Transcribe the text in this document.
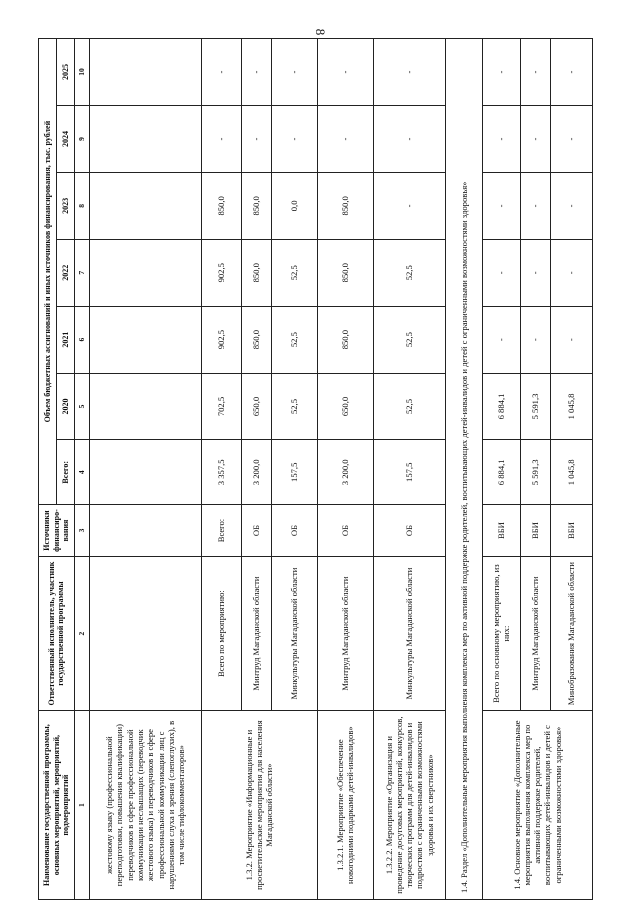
8
Наименование государственной программы, основных мероприятий, мероприятий, подмероприятий	Ответственный исполнитель, участник государственной программы	Источники финансиро-вания	Объем бюджетных ассигнований и иных источников финансирования, тыс. рублей						
			Всего:	2020	2021	2022	2023	2024	2025
1	2	3	4	5	6	7	8	9	10
жестовому языку (профессиональной переподготовки, повышения квалификации) переводчиков в сфере профессиональной коммуникации неслышащих (переводчик жестового языка) и переводчиков в сфере профессиональной коммуникации лиц с нарушениями слуха и зрения (слепоглухих), в том числе тифлокомментаторов»									
1.3.2. Мероприятие «Информационные и просветительские мероприятия для населения Магаданской области»	Всего по мероприятию:	Всего:	3 357,5	702,5	902,5	902,5	850,0	-	-
	Минтруд Магаданской области	ОБ	3 200,0	650,0	850,0	850,0	850,0	-	-
	Минкультуры Магаданской области	ОБ	157,5	52,5	52,5	52,5	0,0	-	-
1.3.2.1. Мероприятие «Обеспечение новогодними подарками детей-инвалидов»	Минтруд Магаданской области	ОБ	3 200,0	650,0	850,0	850,0	850,0	-	-
1.3.2.2. Мероприятие «Организация и проведение досуговых мероприятий, конкурсов, творческих программ для детей-инвалидов и подростков с ограниченными возможностями здоровья и их сверстников»	Минкультуры Магаданской области	ОБ	157,5	52,5	52,5	52,5	-	-	-
1.4. Раздел «Дополнительные мероприятия выполнения комплекса мер по активной поддержке родителей, воспитывающих детей-инвалидов и детей с ограниченными возможностями здоровья»									
1.4. Основное мероприятие «Дополнительные мероприятия выполнения комплекса мер по активной поддержке родителей, воспитывающих детей-инвалидов и детей с ограниченными возможностями здоровья»	Всего по основному мероприятию, из них:	ВБИ	6 884,1	6 884,1	-	-	-	-	-
	Минтруд Магаданской области	ВБИ	5 591,3	5 591,3	-	-	-	-	-
	Минобразования Магаданской области	ВБИ	1 045,8	1 045,8	-	-	-	-	-
